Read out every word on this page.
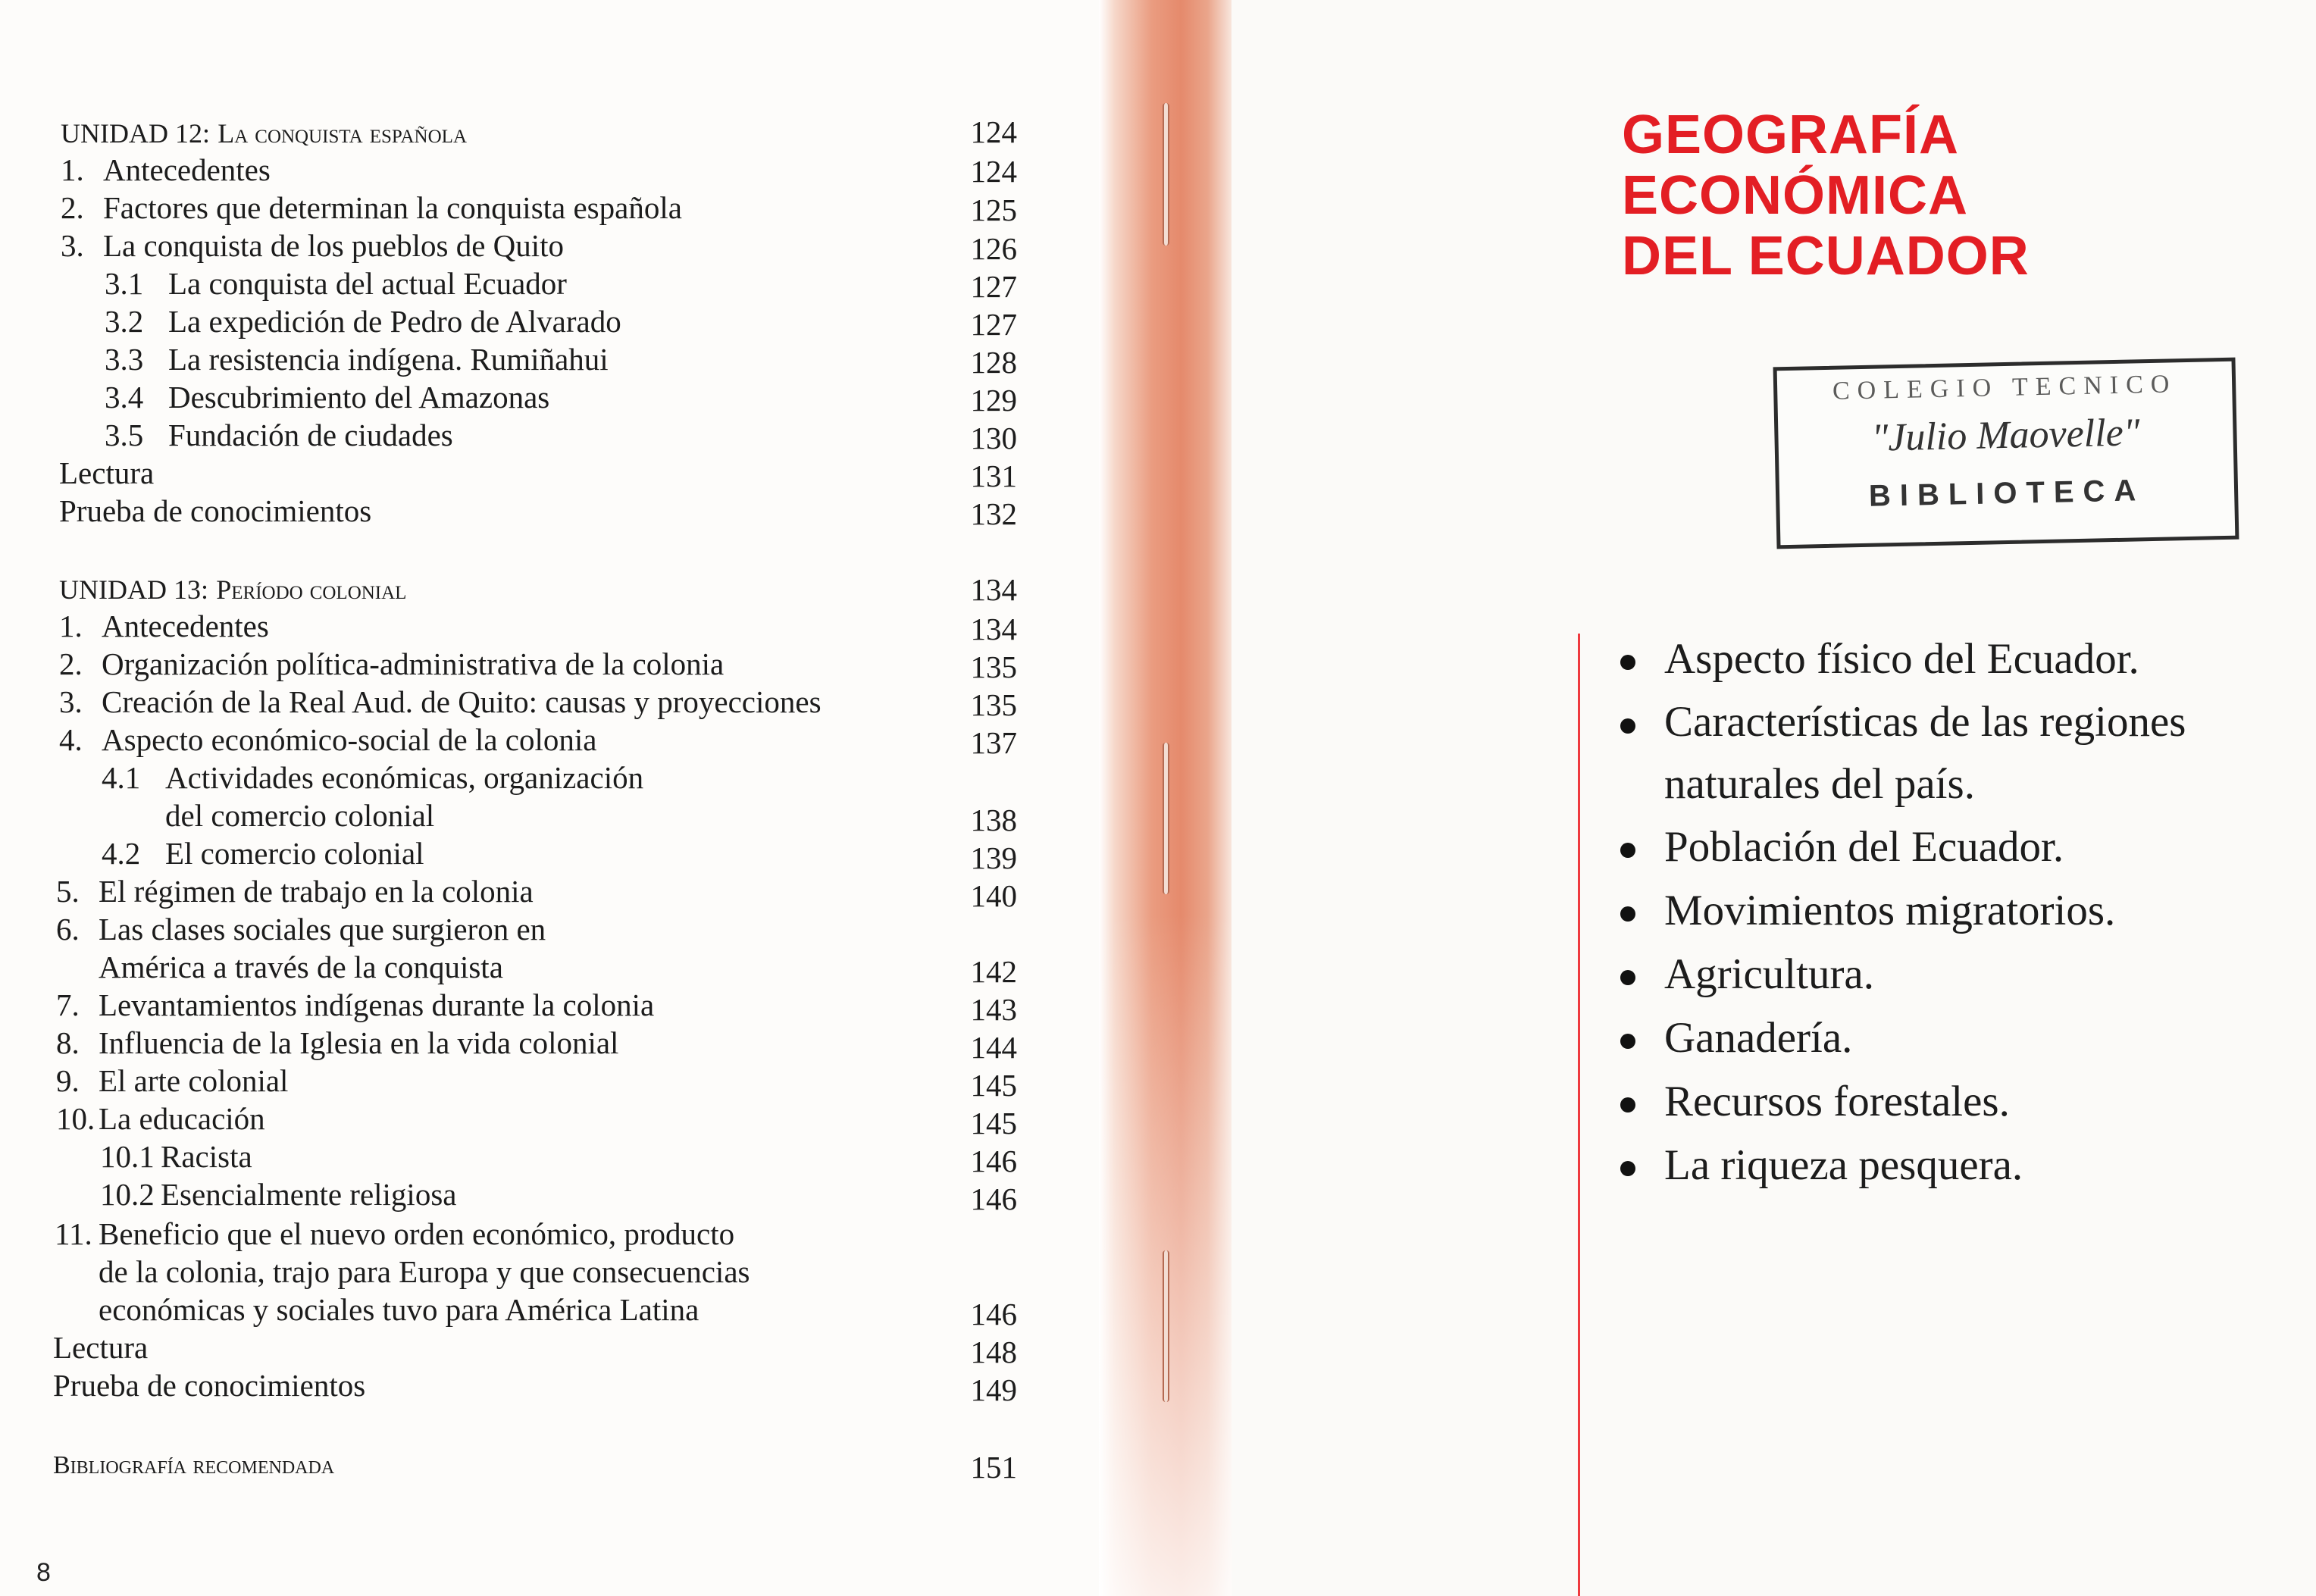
UNIDAD 12: La conquista española	124
1. Antecedentes	124
2. Factores que determinan la conquista española	125
3. La conquista de los pueblos de Quito	126
3.1 La conquista del actual Ecuador	127
3.2 La expedición de Pedro de Alvarado	127
3.3 La resistencia indígena. Rumiñahui	128
3.4 Descubrimiento del Amazonas	129
3.5 Fundación de ciudades	130
Lectura	131
Prueba de conocimientos	132
UNIDAD 13: Período colonial	134
1. Antecedentes	134
2. Organización política-administrativa de la colonia	135
3. Creación de la Real Aud. de Quito: causas y proyecciones	135
4. Aspecto económico-social de la colonia	137
4.1 Actividades económicas, organización
del comercio colonial	138
4.2 El comercio colonial	139
5. El régimen de trabajo en la colonia	140
6. Las clases sociales que surgieron en
América a través de la conquista	142
7. Levantamientos indígenas durante la colonia	143
8. Influencia de la Iglesia en la vida colonial	144
9. El arte colonial	145
10. La educación	145
10.1 Racista	146
10.2 Esencialmente religiosa	146
11. Beneficio que el nuevo orden económico, producto
de la colonia, trajo para Europa y que consecuencias
económicas y sociales tuvo para América Latina	146
Lectura	148
Prueba de conocimientos	149
Bibliografía recomendada	151
8
GEOGRAFÍA
ECONÓMICA
DEL ECUADOR
COLEGIO TECNICO
"Julio Maovelle"
BIBLIOTECA
Aspecto físico del Ecuador.
Características de las regiones naturales del país.
Población del Ecuador.
Movimientos migratorios.
Agricultura.
Ganadería.
Recursos forestales.
La riqueza pesquera.
